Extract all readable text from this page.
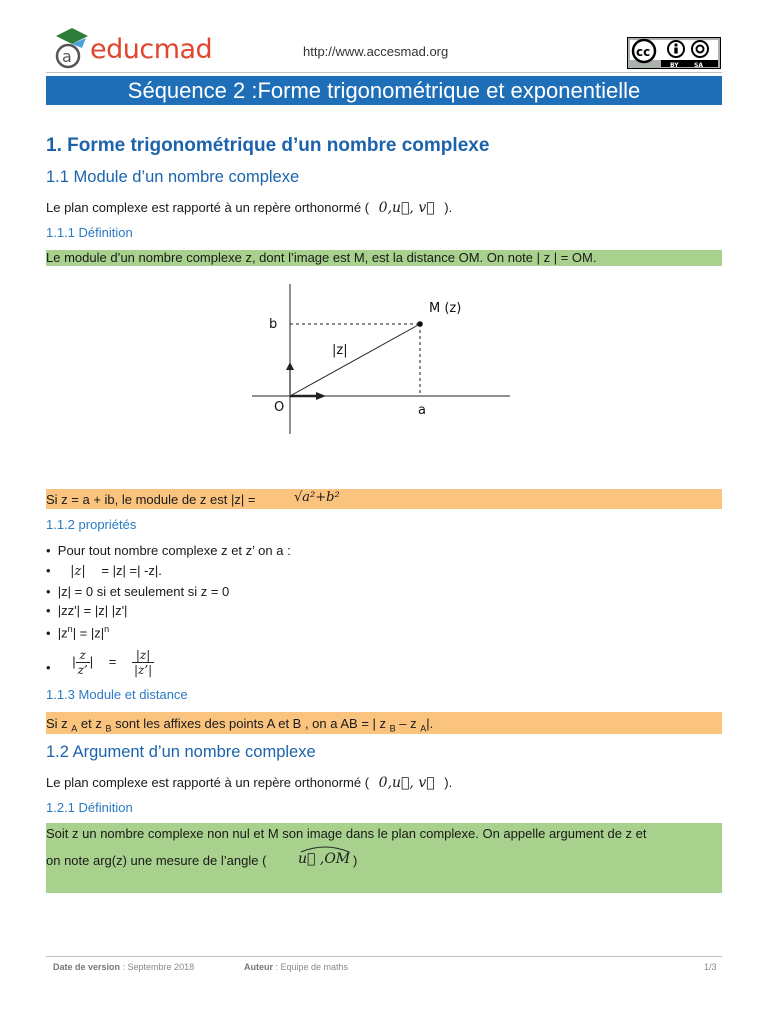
a educmad	http://www.accesmad.org	cc
BY	SA
Séquence 2 :Forme trigonométrique et exponentielle
1. Forme trigonométrique d’un nombre complexe
1.1 Module d’un nombre complexe
Le plan complexe est rapporté à un repère orthonormé ( 0,u⃗, v⃗ ).
1.1.1 Définition
Le module d’un nombre complexe z, dont l’image est M, est la distance OM. On note | z | = OM.
M (z)
b
a
O
|z|
Si z = a + ib, le module de z est |z| =	√a²+b²
1.1.2 propriétés
•  Pour tout nombre complexe z et z’ on a :
• |z| = |z| =| -z|.
•  |z| = 0 si et seulement si z = 0
•  |zz'| = |z| |z'|
•  $|z^n| = |z|^n$
• | $\frac{z}{z’}$ | = $\frac{|z|}{|z’|}$
1.1.3 Module et distance
Si z $_A$ et z $_B$ sont les affixes des points A et B , on a AB = | z $_B$ – z $_A$|.
1.2 Argument d’un nombre complexe
Le plan complexe est rapporté à un repère orthonormé ( 0,u⃗, v⃗ ).
1.2.1 Définition
Soit z un nombre complexe non nul et M son image dans le plan complexe. On appelle argument de z et
on note arg(z) une mesure de l’angle ( u⃗ ,OM )
Date de version : Septembre 2018	Auteur : Equipe de maths	1/3
